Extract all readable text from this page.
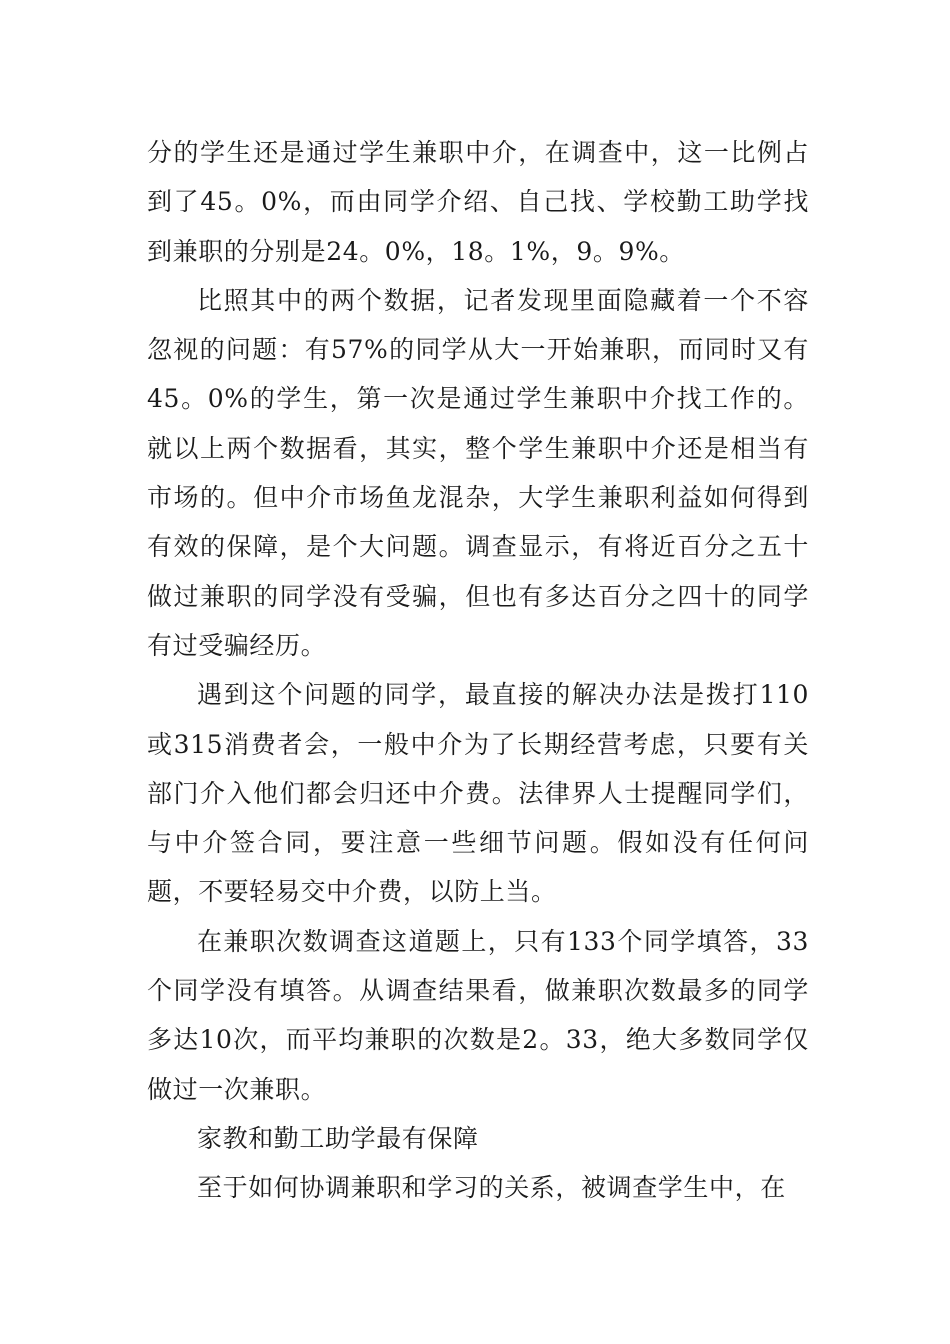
分的学生还是通过学生兼职中介，在调查中，这一比例占到了45。0%，而由同学介绍、自己找、学校勤工助学找到兼职的分别是24。0%，18。1%，9。9%。

比照其中的两个数据，记者发现里面隐藏着一个不容忽视的问题：有57%的同学从大一开始兼职，而同时又有45。0%的学生，第一次是通过学生兼职中介找工作的。就以上两个数据看，其实，整个学生兼职中介还是相当有市场的。但中介市场鱼龙混杂，大学生兼职利益如何得到有效的保障，是个大问题。调查显示，有将近百分之五十做过兼职的同学没有受骗，但也有多达百分之四十的同学有过受骗经历。

遇到这个问题的同学，最直接的解决办法是拨打110或315消费者会，一般中介为了长期经营考虑，只要有关部门介入他们都会归还中介费。法律界人士提醒同学们，与中介签合同，要注意一些细节问题。假如没有任何问题，不要轻易交中介费，以防上当。

在兼职次数调查这道题上，只有133个同学填答，33个同学没有填答。从调查结果看，做兼职次数最多的同学多达10次，而平均兼职的次数是2。33，绝大多数同学仅做过一次兼职。

家教和勤工助学最有保障

至于如何协调兼职和学习的关系，被调查学生中，在
